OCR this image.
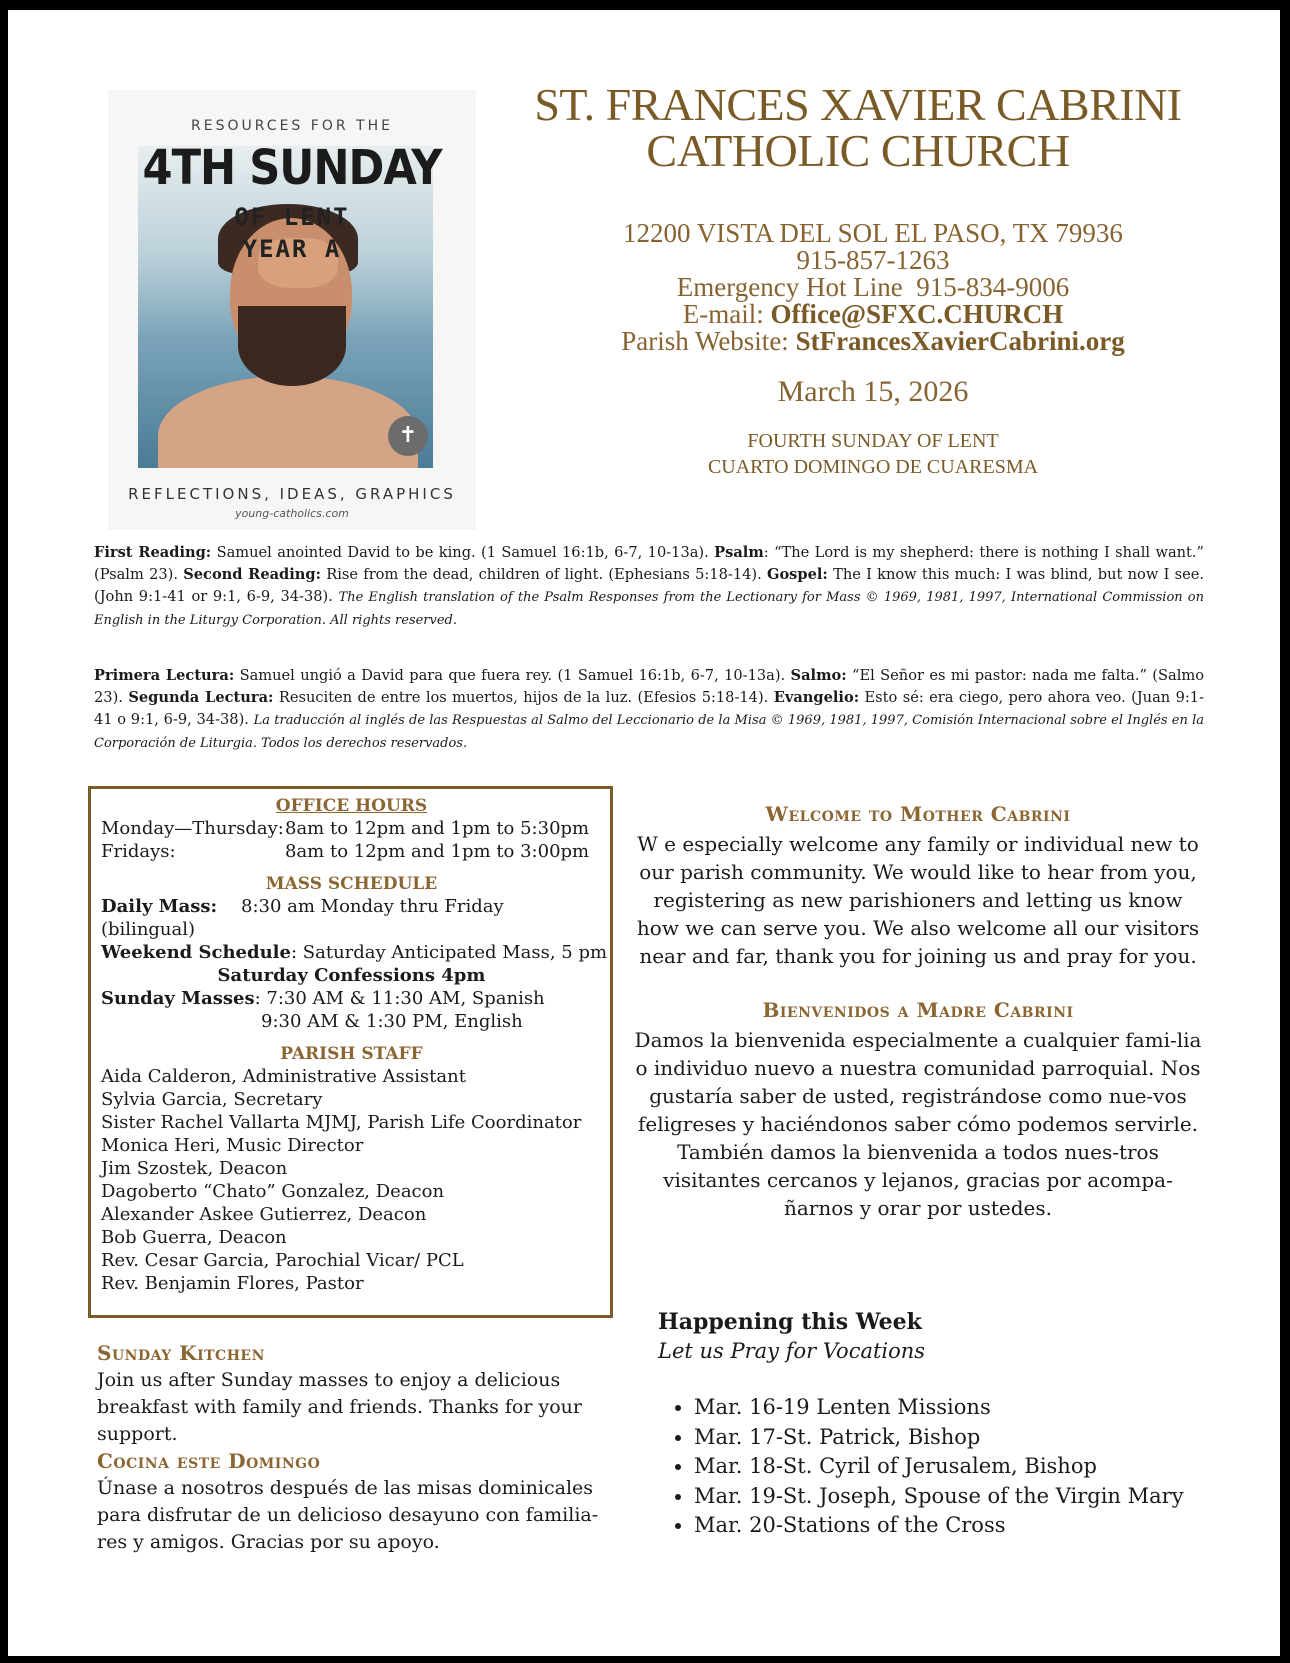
✝
RESOURCES FOR THE
4TH SUNDAY
OF LENT
YEAR A
REFLECTIONS, IDEAS, GRAPHICS
young-catholics.com
ST. FRANCES XAVIER CABRINI
CATHOLIC CHURCH
12200 VISTA DEL SOL EL PASO, TX 79936
915-857-1263
Emergency Hot Line 915-834-9006
E-mail: Office@SFXC.CHURCH
Parish Website: StFrancesXavierCabrini.org
March 15, 2026
FOURTH SUNDAY OF LENT
CUARTO DOMINGO DE CUARESMA
First Reading: Samuel anointed David to be king. (1 Samuel 16:1b, 6-7, 10-13a). Psalm: “The Lord is my shepherd: there is nothing I shall want.” (Psalm 23). Second Reading: Rise from the dead, children of light. (Ephesians 5:18-14). Gospel: The I know this much: I was blind, but now I see. (John 9:1-41 or 9:1, 6-9, 34-38). The English translation of the Psalm Responses from the Lectionary for Mass © 1969, 1981, 1997, International Commission on English in the Liturgy Corporation. All rights reserved.
Primera Lectura: Samuel ungió a David para que fuera rey. (1 Samuel 16:1b, 6-7, 10-13a). Salmo: “El Señor es mi pastor: nada me falta.” (Salmo 23). Segunda Lectura: Resuciten de entre los muertos, hijos de la luz. (Efesios 5:18-14). Evangelio: Esto sé: era ciego, pero ahora veo. (Juan 9:1-41 o 9:1, 6-9, 34-38). La traducción al inglés de las Respuestas al Salmo del Leccionario de la Misa © 1969, 1981, 1997, Comisión Internacional sobre el Inglés en la Corporación de Liturgia. Todos los derechos reservados.
OFFICE HOURS
Monday—Thursday:8am to 12pm and 1pm to 5:30pm
Fridays:	8am to 12pm and 1pm to 3:00pm
MASS SCHEDULE
Daily Mass: 8:30 am Monday thru Friday
(bilingual)
Weekend Schedule: Saturday Anticipated Mass, 5 pm
Saturday Confessions 4pm
Sunday Masses: 7:30 AM & 11:30 AM, Spanish
9:30 AM & 1:30 PM, English
PARISH STAFF
Aida Calderon, Administrative Assistant
Sylvia Garcia, Secretary
Sister Rachel Vallarta MJMJ, Parish Life Coordinator
Monica Heri, Music Director
Jim Szostek, Deacon
Dagoberto “Chato” Gonzalez, Deacon
Alexander Askee Gutierrez, Deacon
Bob Guerra, Deacon
Rev. Cesar Garcia, Parochial Vicar/ PCL
Rev. Benjamin Flores, Pastor
Sunday Kitchen
Join us after Sunday masses to enjoy a delicious breakfast with family and friends. Thanks for your support.
Cocina este Domingo
Únase a nosotros después de las misas dominicales para disfrutar de un delicioso desayuno con familia-res y amigos. Gracias por su apoyo.
Welcome to Mother Cabrini
W e especially welcome any family or individual new to our parish community. We would like to hear from you, registering as new parishioners and letting us know how we can serve you. We also welcome all our visitors near and far, thank you for joining us and pray for you.
Bienvenidos a Madre Cabrini
Damos la bienvenida especialmente a cualquier fami-lia o individuo nuevo a nuestra comunidad parroquial. Nos gustaría saber de usted, registrándose como nue-vos feligreses y haciéndonos saber cómo podemos servirle. También damos la bienvenida a todos nues-tros visitantes cercanos y lejanos, gracias por acompa-ñarnos y orar por ustedes.
Happening this Week
Let us Pray for Vocations
• Mar. 16-19 Lenten Missions
• Mar. 17-St. Patrick, Bishop
• Mar. 18-St. Cyril of Jerusalem, Bishop
• Mar. 19-St. Joseph, Spouse of the Virgin Mary
• Mar. 20-Stations of the Cross
